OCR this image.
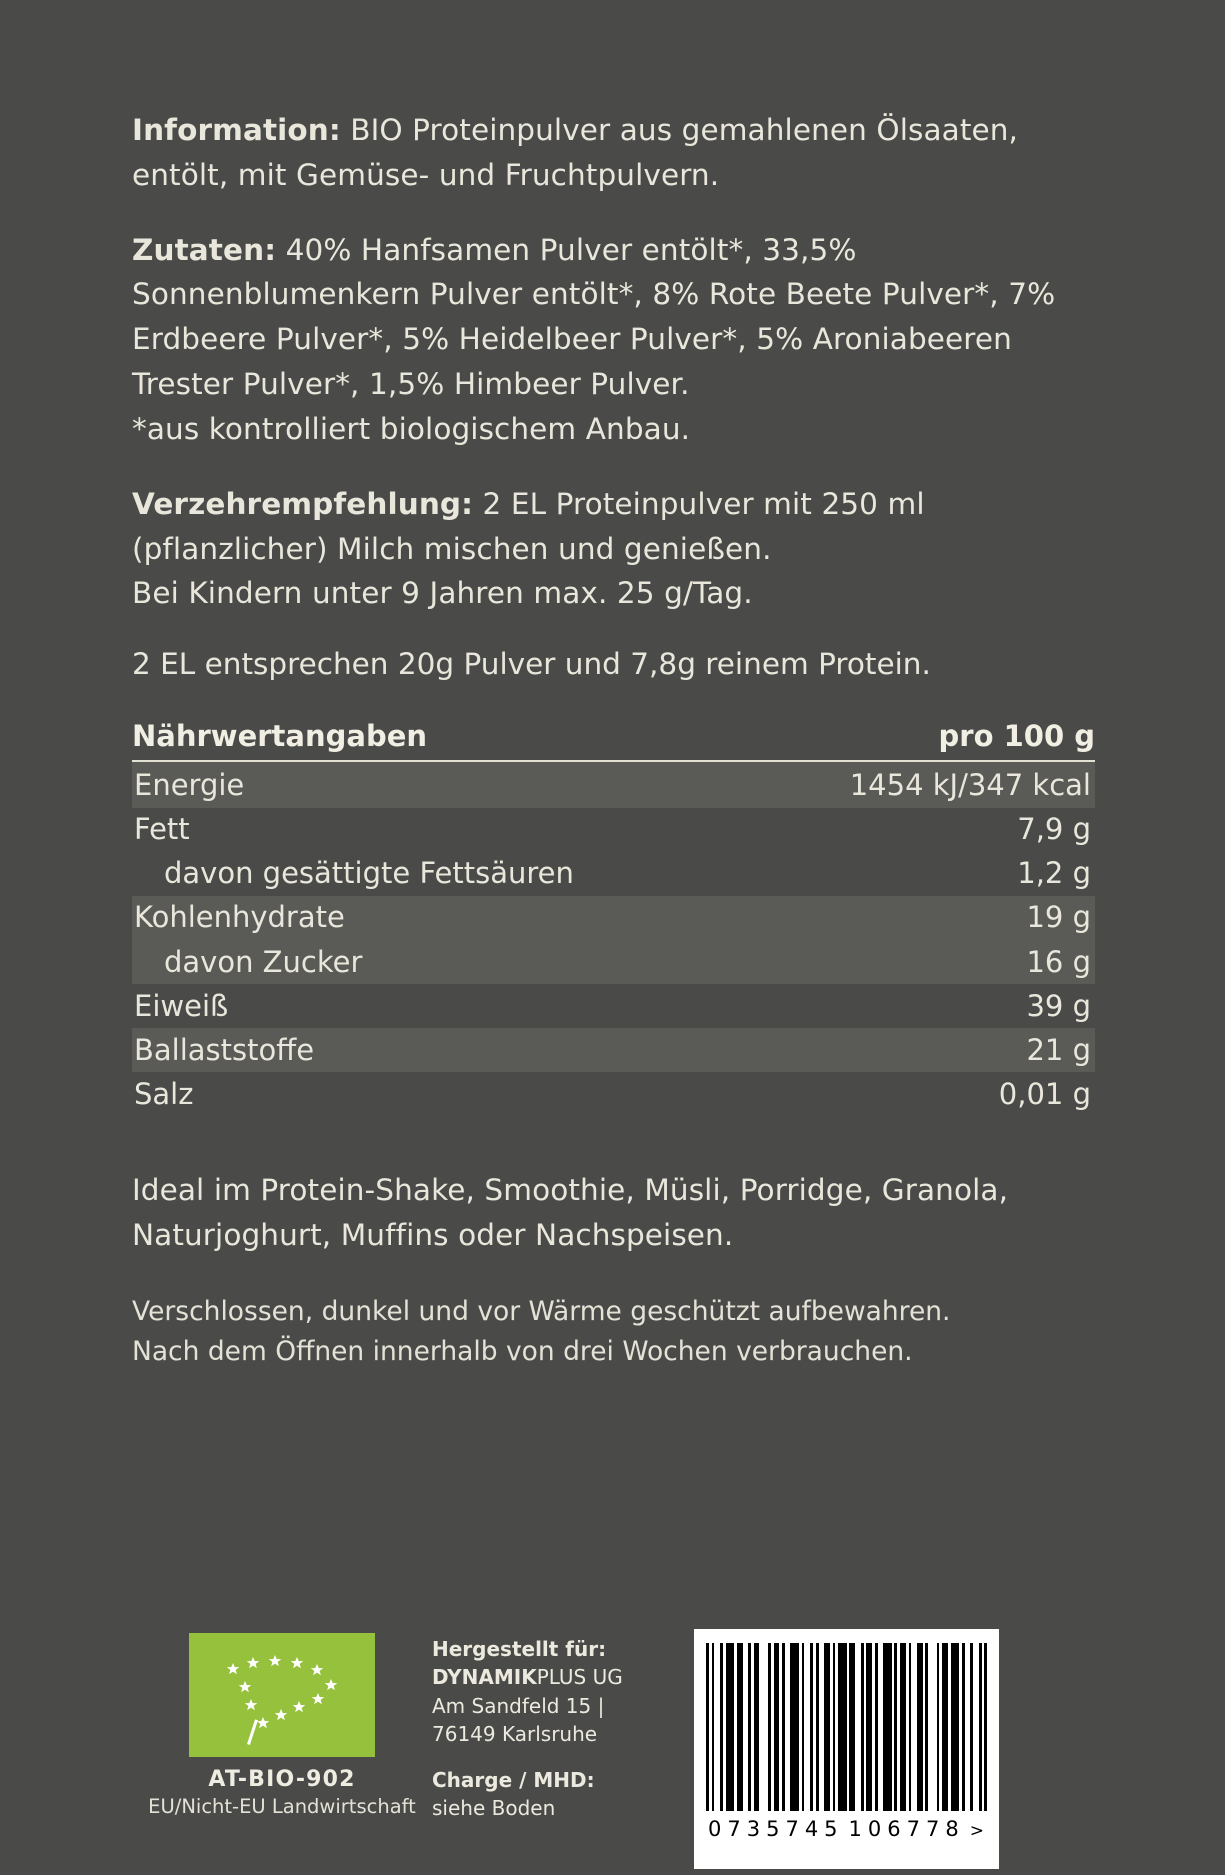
Information: BIO Proteinpulver aus gemahlenen Ölsaaten, entölt, mit Gemüse- und Fruchtpulvern.

Zutaten: 40% Hanfsamen Pulver entölt*, 33,5% Sonnenblumenkern Pulver entölt*, 8% Rote Beete Pulver*, 7% Erdbeere Pulver*, 5% Heidelbeer Pulver*, 5% Aroniabeeren Trester Pulver*, 1,5% Himbeer Pulver.

*aus kontrolliert biologischem Anbau.

Verzehrempfehlung: 2 EL Proteinpulver mit 250 ml (pflanzlicher) Milch mischen und genießen.

Bei Kindern unter 9 Jahren max. 25 g/Tag.

2 EL entsprechen 20g Pulver und 7,8g reinem Protein.

Nährwertangaben	pro 100 g
Energie	1454 kJ/347 kcal
Fett	7,9 g
davon gesättigte Fettsäuren	1,2 g
Kohlenhydrate	19 g
davon Zucker	16 g
Eiweiß	39 g
Ballaststoffe	21 g
Salz	0,01 g

Ideal im Protein-Shake, Smoothie, Müsli, Porridge, Granola, Naturjoghurt, Muffins oder Nachspeisen.

Verschlossen, dunkel und vor Wärme geschützt aufbewahren.
Nach dem Öffnen innerhalb von drei Wochen verbrauchen.
AT-BIO-902
EU/Nicht-EU Landwirtschaft
Hergestellt für:
DYNAMIKPLUS UG
Am Sandfeld 15 |
76149 Karlsruhe
Charge / MHD:
siehe Boden
0 735745 106778 >
